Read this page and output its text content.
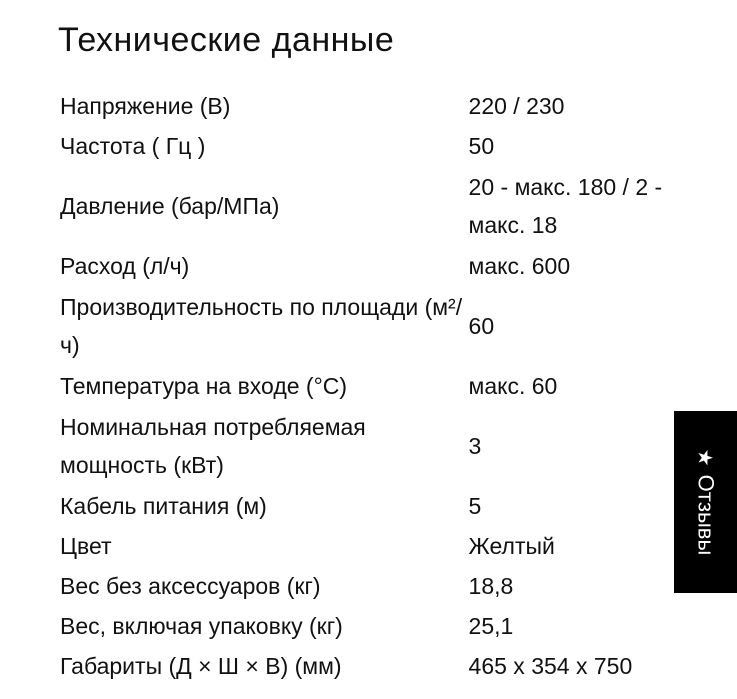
Технические данные
Напряжение (В)	220 / 230
Частота ( Гц )	50
Давление (бар/МПа)	20 - макс. 180 / 2 - макс. 18
Расход (л/ч)	макс. 600
Производительность по площади (м²/ч)	60
Температура на входе (°C)	макс. 60
Номинальная потребляемая мощность (кВт)	3
Кабель питания (м)	5
Цвет	Желтый
Вес без аксессуаров (кг)	18,8
Вес, включая упаковку (кг)	25,1
Габариты (Д × Ш × В) (мм)	465 x 354 x 750
★
Отзывы
